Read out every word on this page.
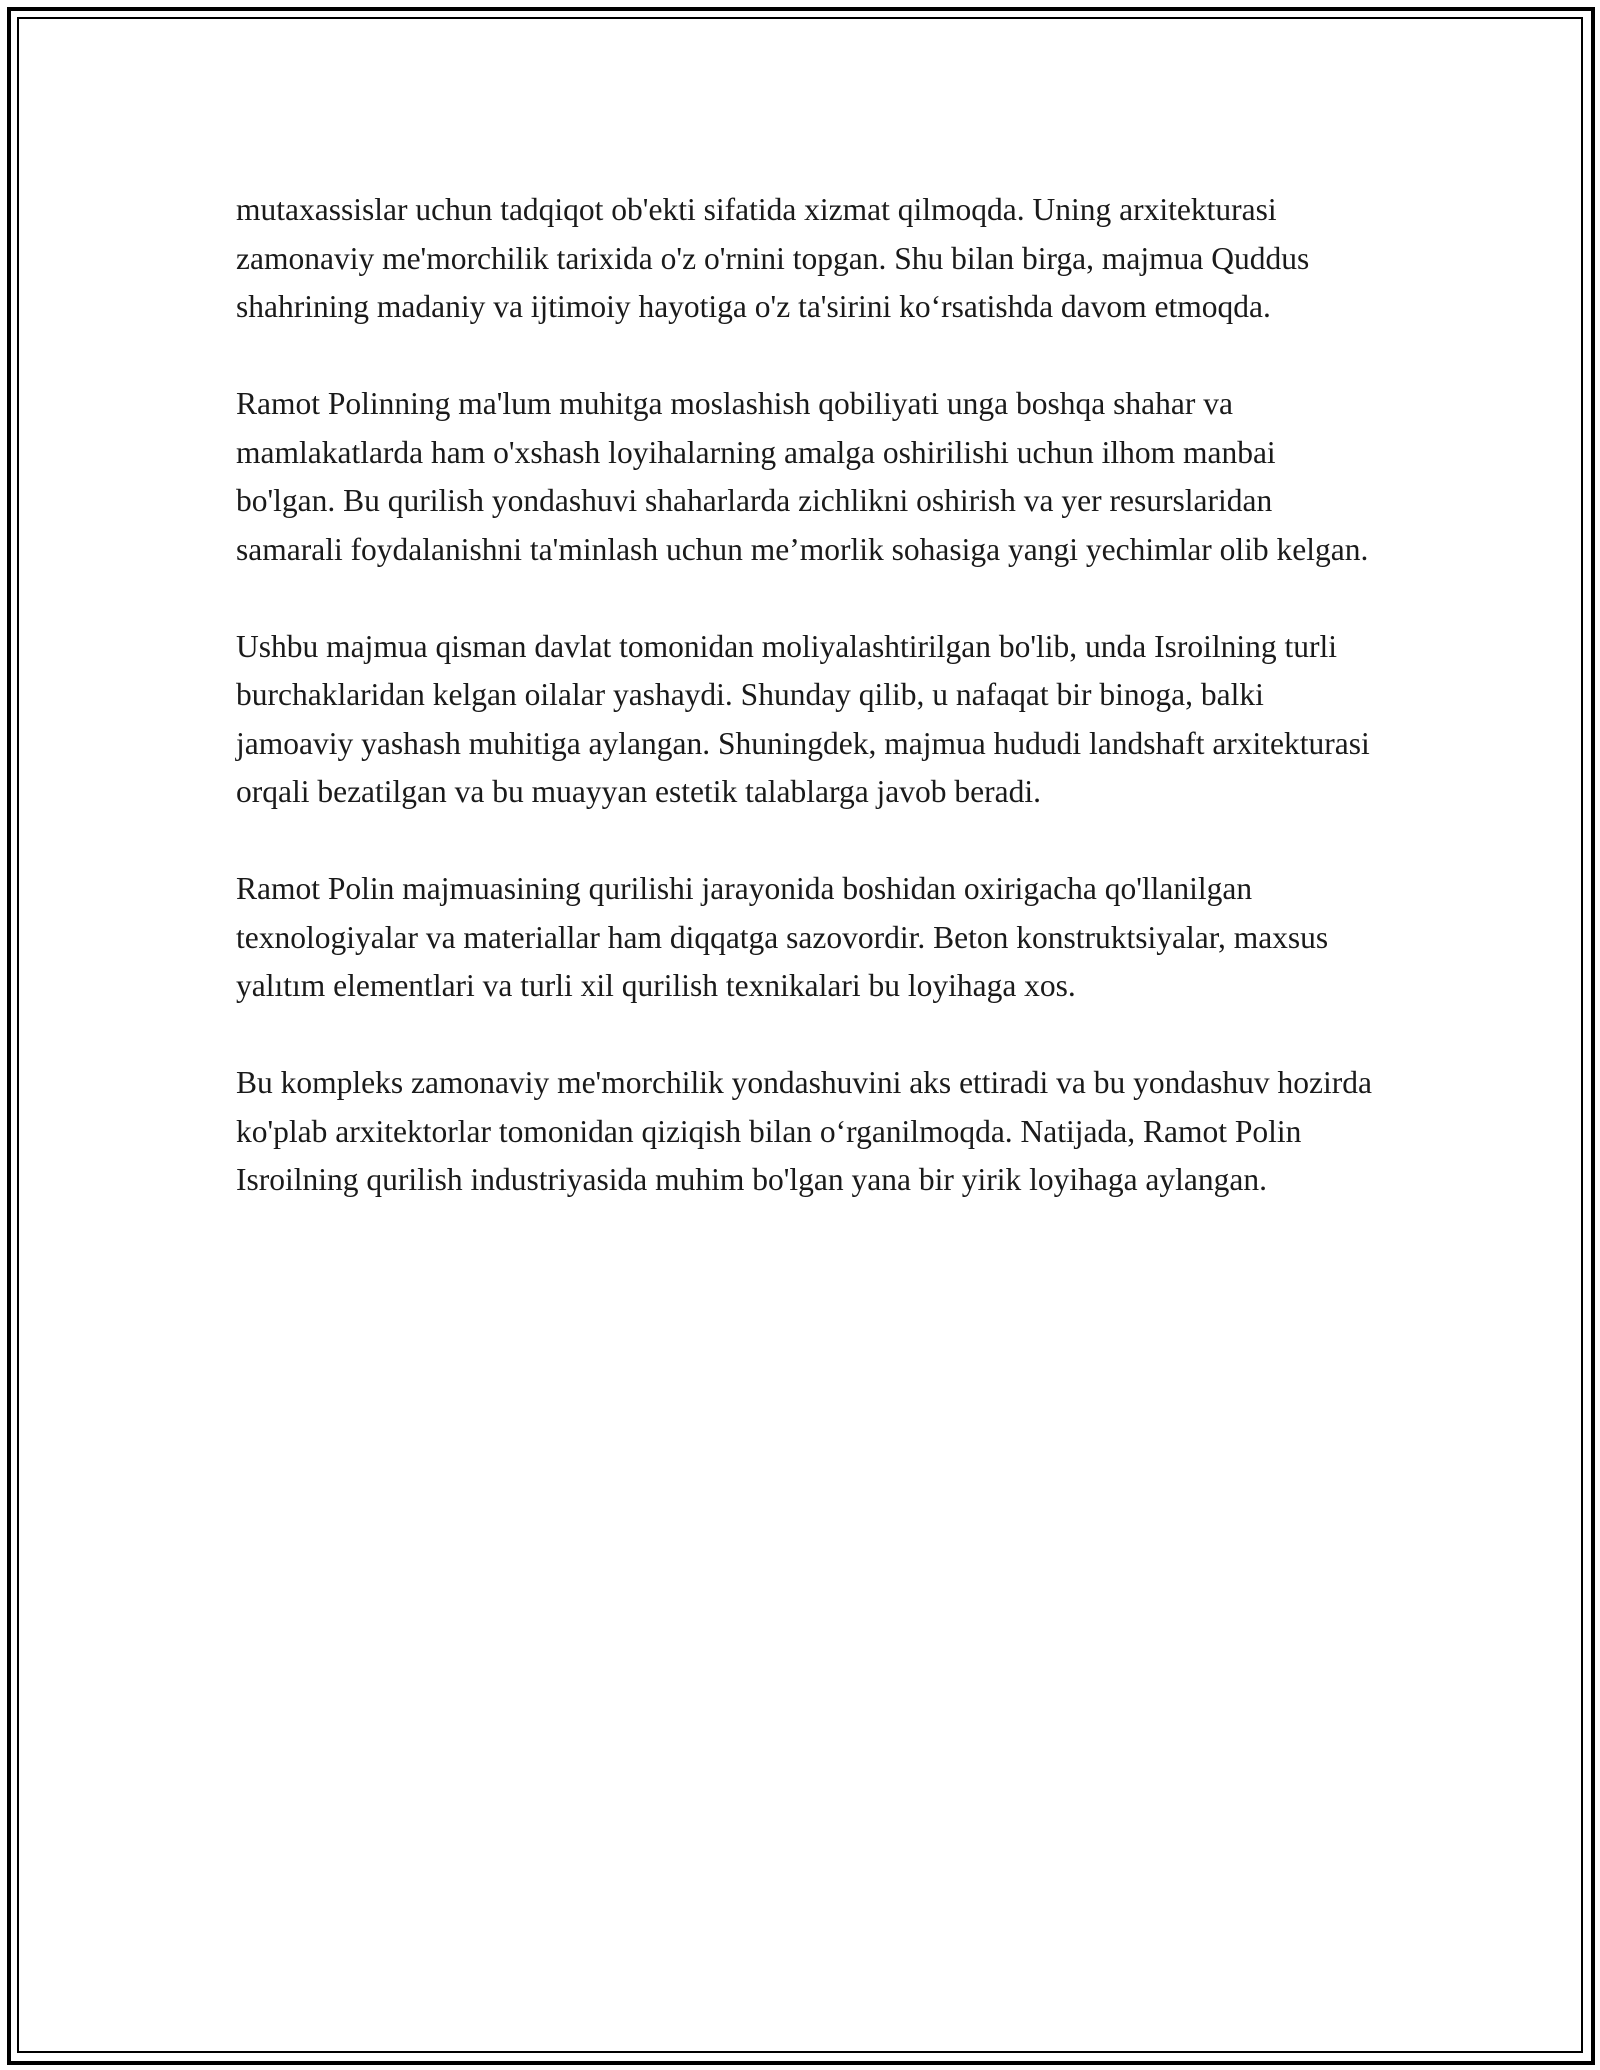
mutaxassislar uchun tadqiqot ob'ekti sifatida xizmat qilmoqda. Uning arxitekturasi zamonaviy me'morchilik tarixida o'z o'rnini topgan. Shu bilan birga, majmua Quddus shahrining madaniy va ijtimoiy hayotiga o'z ta'sirini ko‘rsatishda davom etmoqda.

Ramot Polinning ma'lum muhitga moslashish qobiliyati unga boshqa shahar va mamlakatlarda ham o'xshash loyihalarning amalga oshirilishi uchun ilhom manbai bo'lgan. Bu qurilish yondashuvi shaharlarda zichlikni oshirish va yer resurslaridan samarali foydalanishni ta'minlash uchun me’morlik sohasiga yangi yechimlar olib kelgan.

Ushbu majmua qisman davlat tomonidan moliyalashtirilgan bo'lib, unda Isroilning turli burchaklaridan kelgan oilalar yashaydi. Shunday qilib, u nafaqat bir binoga, balki jamoaviy yashash muhitiga aylangan. Shuningdek, majmua hududi landshaft arxitekturasi orqali bezatilgan va bu muayyan estetik talablarga javob beradi.

Ramot Polin majmuasining qurilishi jarayonida boshidan oxirigacha qo'llanilgan texnologiyalar va materiallar ham diqqatga sazovordir. Beton konstruktsiyalar, maxsus yalıtım elementlari va turli xil qurilish texnikalari bu loyihaga xos.

Bu kompleks zamonaviy me'morchilik yondashuvini aks ettiradi va bu yondashuv hozirda ko'plab arxitektorlar tomonidan qiziqish bilan o‘rganilmoqda. Natijada, Ramot Polin Isroilning qurilish industriyasida muhim bo'lgan yana bir yirik loyihaga aylangan.
